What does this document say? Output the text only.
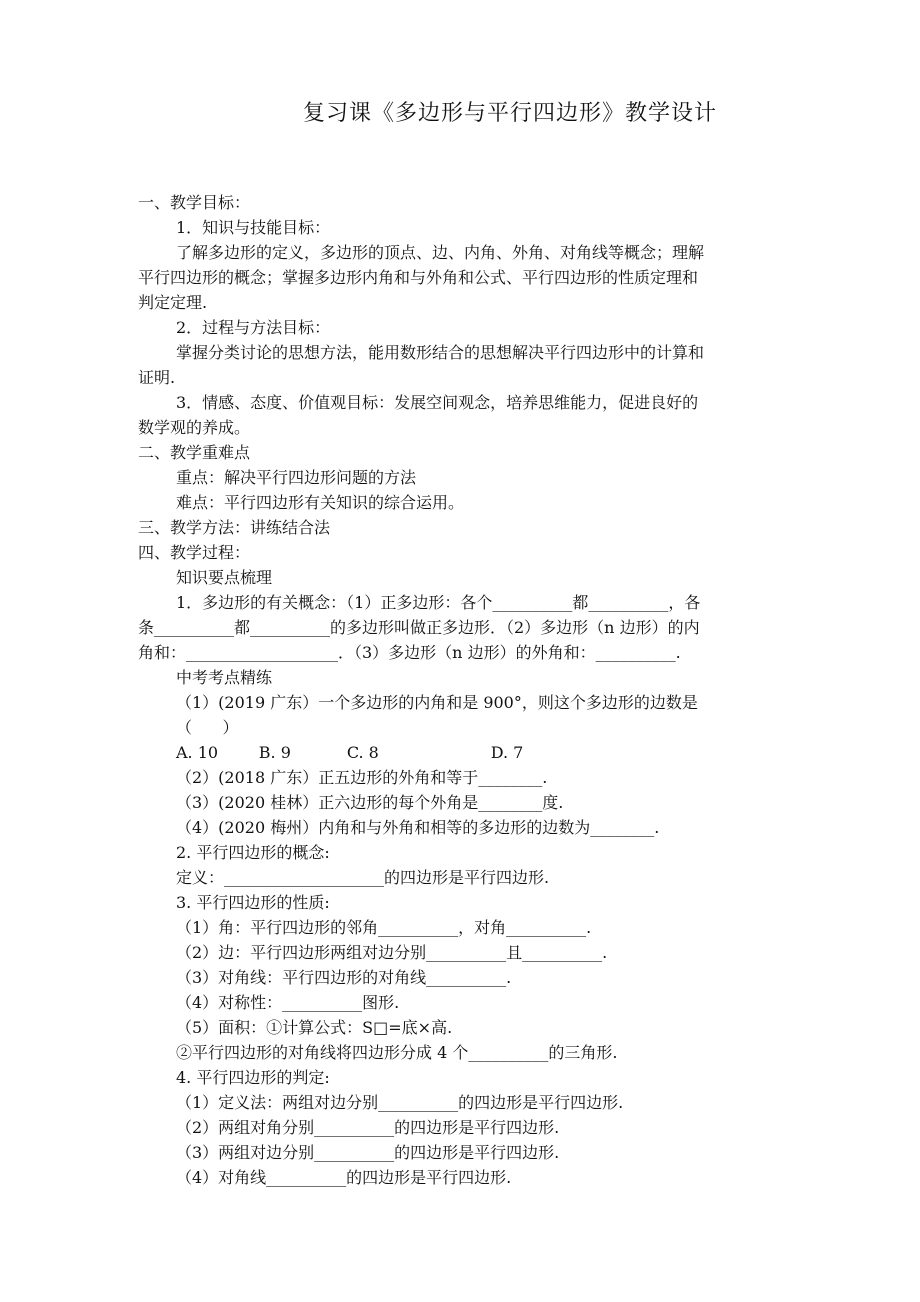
复习课《多边形与平行四边形》教学设计
一、教学目标：
1．知识与技能目标：
了解多边形的定义，多边形的顶点、边、内角、外角、对角线等概念；理解
平行四边形的概念；掌握多边形内角和与外角和公式、平行四边形的性质定理和
判定定理.
2．过程与方法目标：
掌握分类讨论的思想方法，能用数形结合的思想解决平行四边形中的计算和
证明.
3．情感、态度、价值观目标：发展空间观念，培养思维能力，促进良好的
数学观的养成。
二、教学重难点
重点：解决平行四边形问题的方法
难点：平行四边形有关知识的综合运用。
三、教学方法：讲练结合法
四、教学过程：
知识要点梳理
1．多边形的有关概念：（1）正多边形：各个__________都__________，各
条__________都__________的多边形叫做正多边形．（2）多边形（n 边形）的内
角和：___________________．（3）多边形（n 边形）的外角和：__________.
中考考点精练
（1）(2019 广东）一个多边形的内角和是 900°，则这个多边形的边数是
（      ）
A. 10        B. 9           C. 8                      D. 7
（2）(2018 广东）正五边形的外角和等于________.
（3）(2020 桂林）正六边形的每个外角是________度.
（4）(2020 梅州）内角和与外角和相等的多边形的边数为________.
2. 平行四边形的概念:
定义：____________________的四边形是平行四边形.
3. 平行四边形的性质:
（1）角：平行四边形的邻角__________，对角__________.
（2）边：平行四边形两组对边分别__________且__________.
（3）对角线：平行四边形的对角线__________.
（4）对称性：__________图形.
（5）面积：①计算公式：S□=底×高.
②平行四边形的对角线将四边形分成 4 个__________的三角形.
4. 平行四边形的判定:
（1）定义法：两组对边分别__________的四边形是平行四边形.
（2）两组对角分别__________的四边形是平行四边形.
（3）两组对边分别__________的四边形是平行四边形.
（4）对角线__________的四边形是平行四边形.
